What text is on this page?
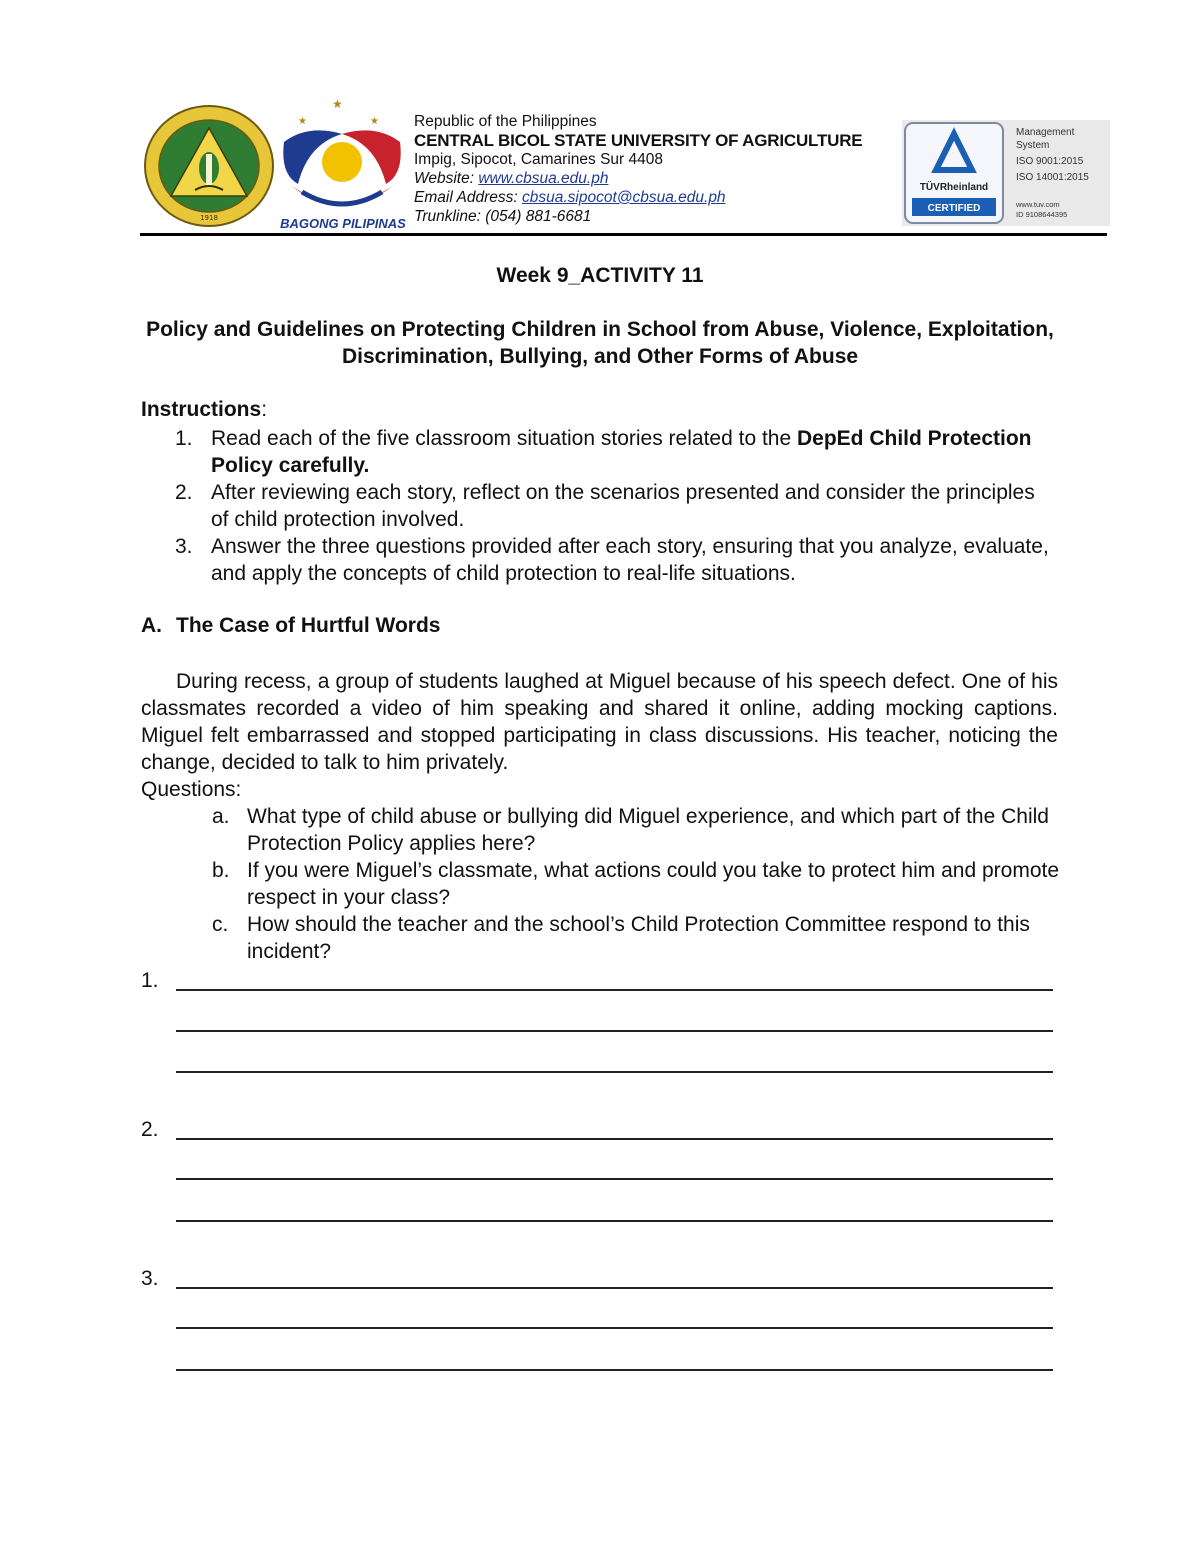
1918
★
★	★
BAGONG PILIPINAS
Republic of the Philippines
CENTRAL BICOL STATE UNIVERSITY OF AGRICULTURE
Impig, Sipocot, Camarines Sur 4408
Website: www.cbsua.edu.ph
Email Address: cbsua.sipocot@cbsua.edu.ph
Trunkline: (054) 881-6681
TÜVRheinland
CERTIFIED
Management
System
ISO 9001:2015
ISO 14001:2015
www.tuv.com
ID 9108644395
Week 9_ACTIVITY 11
Policy and Guidelines on Protecting Children in School from Abuse, Violence, Exploitation, Discrimination, Bullying, and Other Forms of Abuse
Instructions:
1. Read each of the five classroom situation stories related to the DepEd Child Protection Policy carefully.
2. After reviewing each story, reflect on the scenarios presented and consider the principles of child protection involved.
3. Answer the three questions provided after each story, ensuring that you analyze, evaluate, and apply the concepts of child protection to real-life situations.
A. The Case of Hurtful Words
During recess, a group of students laughed at Miguel because of his speech defect. One of his classmates recorded a video of him speaking and shared it online, adding mocking captions. Miguel felt embarrassed and stopped participating in class discussions. His teacher, noticing the change, decided to talk to him privately.
Questions:
a. What type of child abuse or bullying did Miguel experience, and which part of the Child Protection Policy applies here?
b. If you were Miguel’s classmate, what actions could you take to protect him and promote respect in your class?
c. How should the teacher and the school’s Child Protection Committee respond to this incident?
1.
2.
3.
